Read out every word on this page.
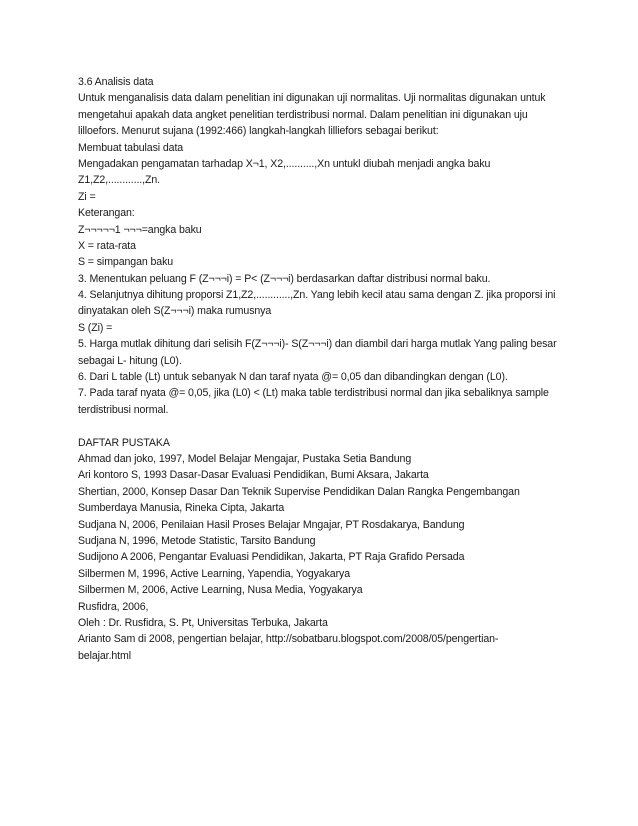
3.6 Analisis data
Untuk menganalisis data dalam penelitian ini digunakan uji normalitas. Uji normalitas digunakan untuk
mengetahui apakah data angket penelitian terdistribusi normal. Dalam penelitian ini digunakan uju
lilloefors. Menurut sujana (1992:466) langkah-langkah lilliefors sebagai berikut:
Membuat tabulasi data
Mengadakan pengamatan tarhadap X¬1, X2,..........,Xn untukl diubah menjadi angka baku
Z1,Z2,............,Zn.
Zi =
Keterangan:
Z¬¬¬¬¬1 ¬¬¬=angka baku
X = rata-rata
S = simpangan baku
3. Menentukan peluang F (Z¬¬¬i) = P< (Z¬¬¬i) berdasarkan daftar distribusi normal baku.
4. Selanjutnya dihitung proporsi Z1,Z2,............,Zn. Yang lebih kecil atau sama dengan Z. jika proporsi ini
dinyatakan oleh S(Z¬¬¬i) maka rumusnya
S (Zi) =
5. Harga mutlak dihitung dari selisih F(Z¬¬¬i)- S(Z¬¬¬i) dan diambil dari harga mutlak Yang paling besar
sebagai L- hitung (L0).
6. Dari L table (Lt) untuk sebanyak N dan taraf nyata @= 0,05 dan dibandingkan dengan (L0).
7. Pada taraf nyata @= 0,05, jika (L0) < (Lt) maka table terdistribusi normal dan jika sebaliknya sample
terdistribusi normal.
DAFTAR PUSTAKA
Ahmad dan joko, 1997, Model Belajar Mengajar, Pustaka Setia Bandung
Ari kontoro S, 1993 Dasar-Dasar Evaluasi Pendidikan, Bumi Aksara, Jakarta
Shertian, 2000, Konsep Dasar Dan Teknik Supervise Pendidikan Dalan Rangka Pengembangan
Sumberdaya Manusia, Rineka Cipta, Jakarta
Sudjana N, 2006, Penilaian Hasil Proses Belajar Mngajar, PT Rosdakarya, Bandung
Sudjana N, 1996, Metode Statistic, Tarsito Bandung
Sudijono A 2006, Pengantar Evaluasi Pendidikan, Jakarta, PT Raja Grafido Persada
Silbermen M, 1996, Active Learning, Yapendia, Yogyakarya
Silbermen M, 2006, Active Learning, Nusa Media, Yogyakarya
Rusfidra, 2006,
Oleh : Dr. Rusfidra, S. Pt, Universitas Terbuka, Jakarta
Arianto Sam di 2008, pengertian belajar, http://sobatbaru.blogspot.com/2008/05/pengertian-
belajar.html
